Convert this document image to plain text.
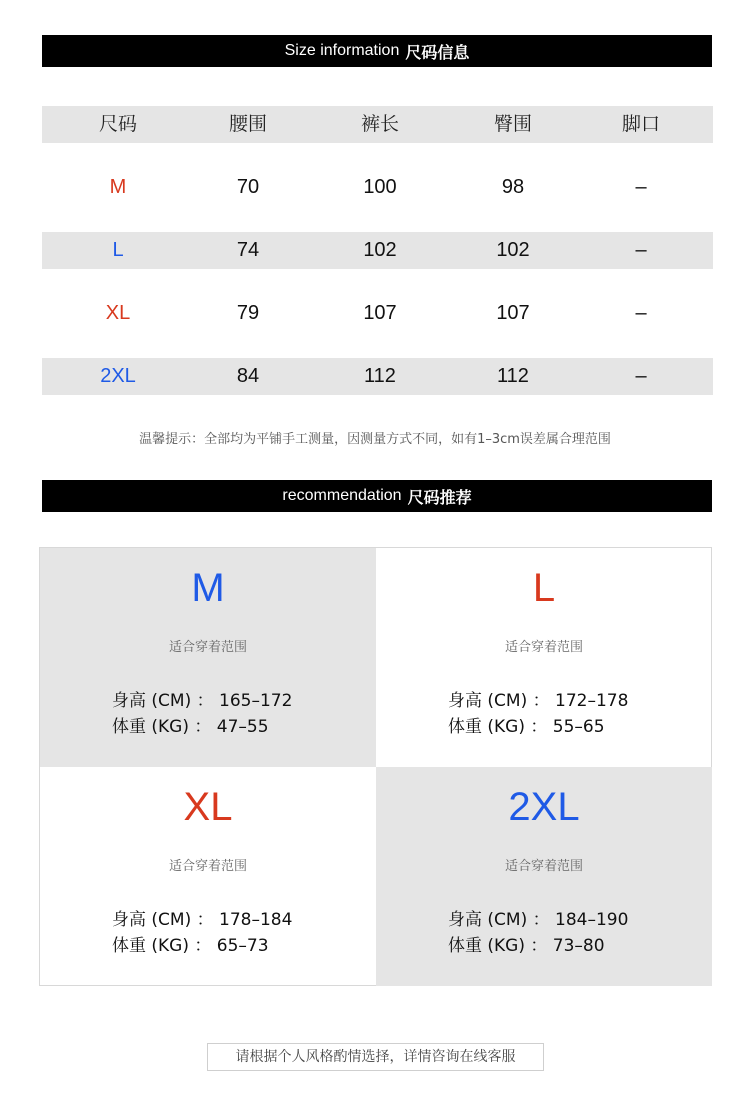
Size information 尺码信息
尺码	腰围	裤长	臀围	脚口
M	70	100	98	–
L	74	102	102	–
XL	79	107	107	–
2XL	84	112	112	–
温馨提示：全部均为平铺手工测量，因测量方式不同，如有1–3cm误差属合理范围
recommendation 尺码推荐
M
适合穿着范围
身高 (CM) ： 165–172
体重 (KG) ： 47–55
L
适合穿着范围
身高 (CM) ： 172–178
体重 (KG) ： 55–65
XL
适合穿着范围
身高 (CM) ： 178–184
体重 (KG) ： 65–73
2XL
适合穿着范围
身高 (CM) ： 184–190
体重 (KG) ： 73–80
请根据个人风格酌情选择，详情咨询在线客服
